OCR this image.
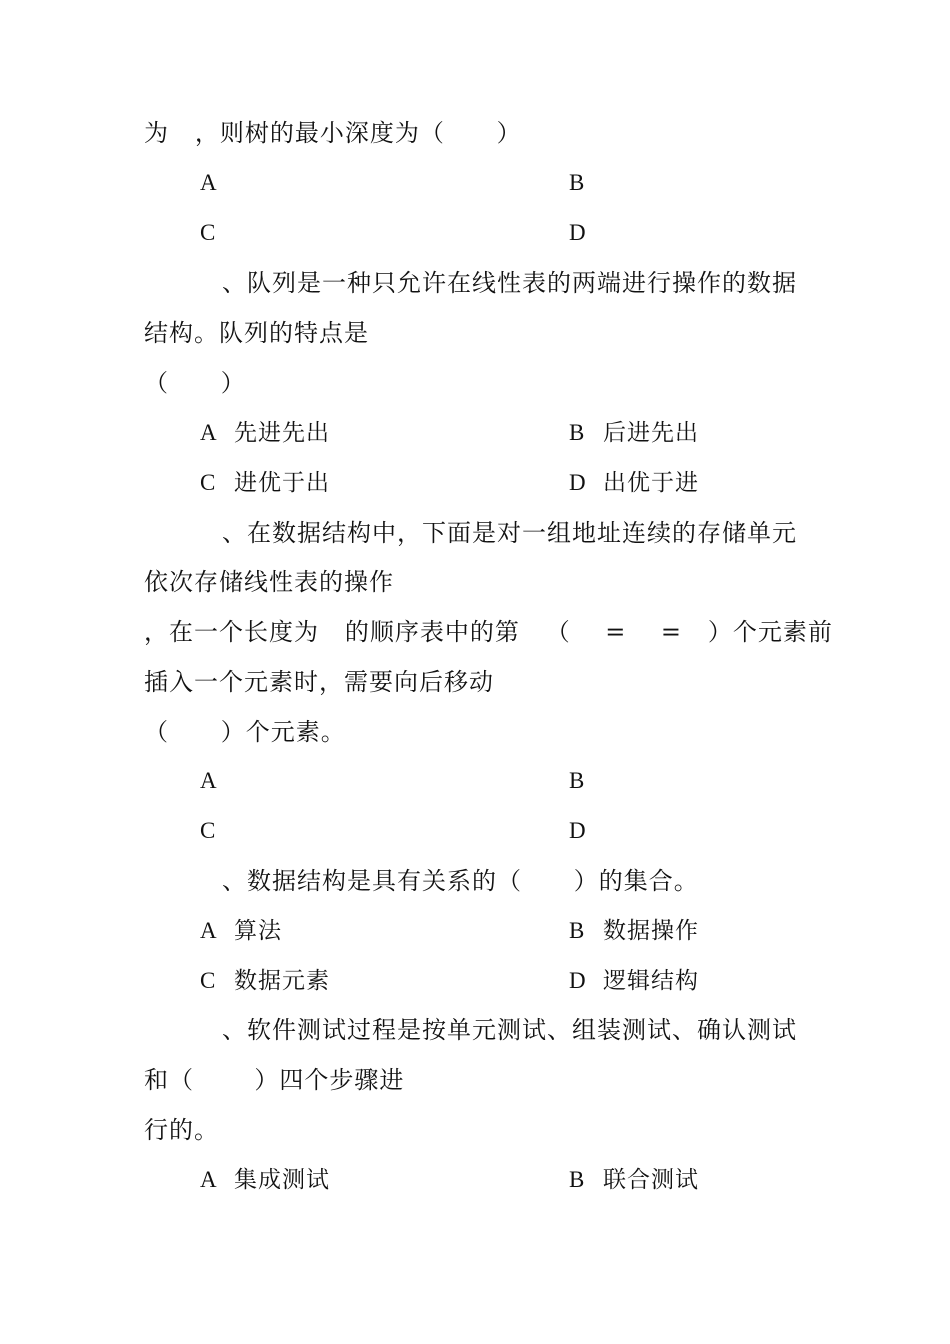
为   ，则树的最小深度为（      ）
A	B
C	D
、队列是一种只允许在线性表的两端进行操作的数据
结构。队列的特点是
（      ）
A 先进先出	B 后进先出
C 进优于出	D 出优于进
、在数据结构中，下面是对一组地址连续的存储单元
依次存储线性表的操作
，在一个长度为   的顺序表中的第   （    =    =   ）个元素前
插入一个元素时，需要向后移动
（      ）个元素。
A	B
C	D
、数据结构是具有关系的（      ）的集合。
A 算法	B 数据操作
C 数据元素	D 逻辑结构
、软件测试过程是按单元测试、组装测试、确认测试
和（       ）四个步骤进
行的。
A 集成测试	B 联合测试
